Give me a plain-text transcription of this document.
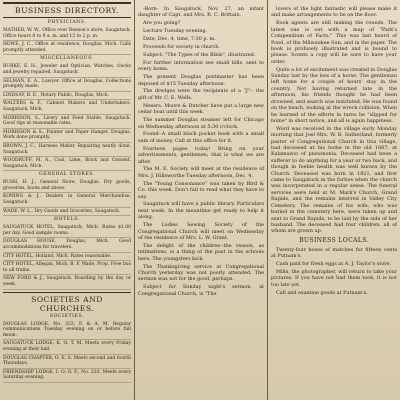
BUSINESS DIRECTORY.
PHYSICIANS.

MATHER, W. W., Office over Benson's store, Saugatuck. Office hours 8 to 9 a. m. and 12 to 2 p. m.

HOWE, J. C., Office at residence, Douglas, Mich. Calls promptly attended.

MISCELLANEOUS.

BURKE, E. H., Jeweler and Optician. Watches, clocks and jewelry repaired. Saugatuck.

SELMAN, E. A., Lawyer. Office at Douglas. Collections promptly made.

LINDSAY, B. E., Notary Public, Douglas, Mich.

WALTERS & F., Cabinet Makers and Undertakers. Saugatuck, Mich.

MORRISON, S., Livery and Feed Stable, Saugatuck. Good rigs at reasonable rates.

MORRISON & S., Painter and Paper Hanger, Douglas. Work done promptly.

BROWN, J. C., Harness Maker. Repairing neatly done. Saugatuck.

WOODRUFF, M. A., Coal, Lime, Brick and Cement. Saugatuck, Mich.

GENERAL STORES.

BUSH, H. J., General Store, Douglas. Dry goods, groceries, boots and shoes.

KONING & J., Dealers in General Merchandise, Saugatuck.

WADE, W. L., Dry Goods and Groceries, Saugatuck.

HOTELS.

SAUGATUCK HOTEL, Saugatuck, Mich. Rates $1.00 per day. Good sample rooms.

DOUGLAS HOUSE, Douglas, Mich. Good accommodations for travelers.

CITY HOTEL, Holland, Mich. Rates reasonable.

CITY HOTEL, Allegan, Mich. B. F. Wade, Prop. Free bus to all trains.

NEW FORD & J., Saugatuck. Boarding by the day or week.

SOCIETIES AND CHURCHES.
SOCIETIES.

DOUGLAS LODGE, No. 333, F. & A. M. Regular communications Tuesday evening on or before full moon.

SAUGATUCK LODGE, K. O. T. M. Meets every Friday evening at their hall.

DOUGLAS CHAPTER, O. E. S. Meets second and fourth Thursdays.

FRIENDSHIP LODGE, I. O. O. F., No. 233. Meets every Saturday evening.

-Born- In Saugatuck, Nov. 27, an infant daughter of Capt. and Mrs. R. C. Brittain.

Are you going?

Lecture Tuesday evening.

Date, Dec. 4, time, 7:30 p. m.

Proceeds for society in church.

Subject: "The Types of the Bible", illustrated.

For further information see small bills, sent to every home.

The present Douglas postmaster has been deposed of $15 Tuesday afternoon.

The dredges were the recipients of a "J"-- the gift of Mr. C. E. Wells.

Messrs. Moore & Dutcher have put a large new cedar boat until this week.

The summer Douglas steamer left for Chicago on Wednesday afternoon at 5:30 o'clock.

Found--A small black pocket book with a small sum of money. Call at this office for it.

Fourteen pages today! Bring on your advertisements, gentlemen; that is what we are after.

The M. E. Society will meet at the residence of Mrs. J. Hillsworthe Tuesday afternoon, Dec. 4.

The "Young Consonance" was taken by Bird & Co. this week. Don't fail to read what they have to say.

Saugatuck will have a public library. Particulars next week. In the meantime get ready to help it along.

The Ladies Sewing Society of the Congregational Church will meet on Wednesday of the residence of Mrs. L. W. Grant.

The delight of the children--the reason, as intimations, is a thing of the past in the schools here. The youngsters kick.

The Thanksgiving service at Congregational Church yesterday was not poorly attended. The sermon was not for the good, perhaps.

Subject for Sunday night's sermon, at Congregational Church, is "The

lovers of the light fantastic will please make it and make arrangements to be on the floor.

Book agents are still making the rounds. The latest one is out with a map of "Park's Compendium of Facts." This was last heard of Pond, of the Milwaukee Sun, and in the paper. The book is profusely illustrated and is bound to please. Scents a copy will be sure to have your order.

Quite a lot of excitement was created in Douglas Sunday last by the loss of a horse. The gentleman left home for a couple of hours' stay in the country. Not having returned late in the afternoon, his friends thought he had been drowned, and search was instituted. He was found on the beach, looking at the wreck collision. When he learned of the efforts in turns he "slipped for home" in short notice, and all is again happiness.

Word was received in the village early Monday morning that Joel Mrs. W. B. Sutherland, formerly pastor of Congregational Church in this village, had deceased at his home in the old 1887, at Kalamazoo of pneumonia. Deceased had been a sufferer to do anything for a year or two back, and though in feeble health was well known by the Church. Deceased was born in 1821, and first came to Saugatuck in the forties when the church was incorporated in a regular sense. The funeral services were held at M. Mark's Church, Grand Rapids, and the remains interred in Valley City Cemetery. The remains of his wife, who was buried in the cemetery here, were taken up and sent to Grand Rapids, to be laid by the side of her husband. The deceased had four children, all of whom are grown up.

BUSINESS LOCALS.

Twenty-four boxes of matches for fifteen cents at Putnam's.

Cash paid for fresh eggs at A. J. Taylor's store.

Mills, the photographer, will return to take your pictures. If you have not had them took, it is not too late yet.

Call and examine goods at Putnam's.
